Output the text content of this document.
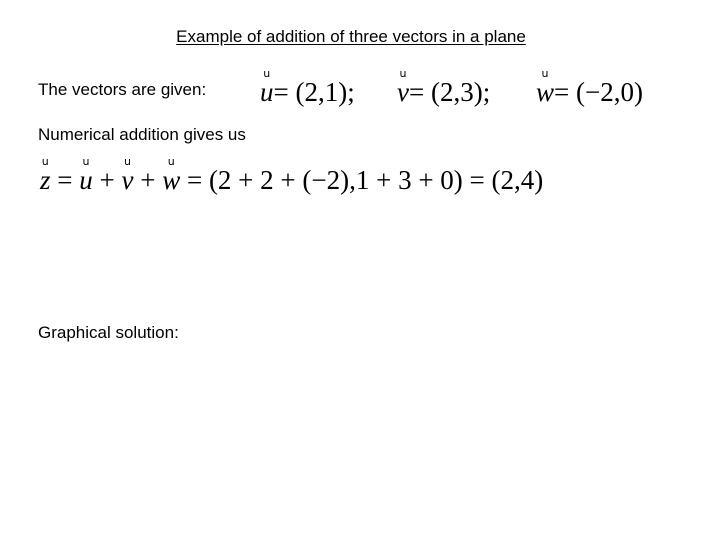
Example of addition of three vectors in a plane
The vectors are given:
u
u= (2,1);
u
v= (2,3);
u
w= (−2,0)
Numerical addition gives us
u
z =
u
u +
u
v +
u
w = (2 + 2 + (−2),1 + 3 + 0) = (2,4)
Graphical solution:
